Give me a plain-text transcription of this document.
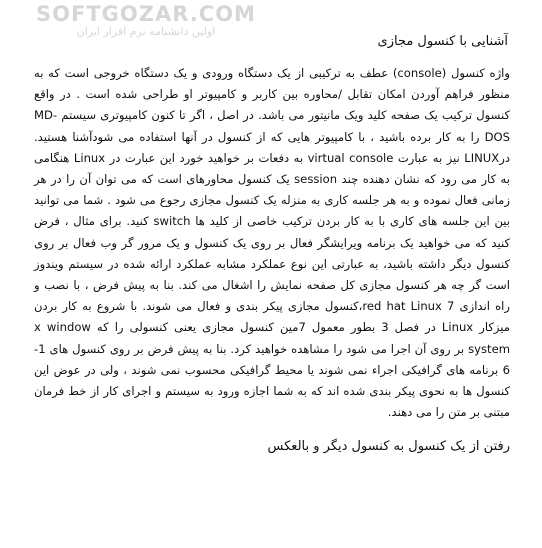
SOFTGOZAR.COM
اولین دانشنامه نرم افزار ایران
آشنایی با کنسول مجازی

واژه کنسول (console) عطف به ترکیبی از یک دستگاه ورودی و یک دستگاه خروجی است که به منظور فراهم آوردن امکان تقابل /محاوره بین کاربر و کامپیوتر او طراحی شده است . در واقع کنسول ترکیب یک صفحه کلید ویک مانیتور می باشد. در اصل ، اگر تا کنون کامپیوتری سیستم MD-DOS را به کار برده باشید ، با کامپیوتر هایی که از کنسول در آنها استفاده می شودآشنا هستید. درLINUX نیز به عبارت virtual console به دفعات بر خواهید خورد این عبارت در Linux هنگامی به کار می رود که نشان دهنده چند session یک کنسول محاورهای است که می توان آن را در هر زمانی فعال نموده و به هر جلسه کاری به منزله یک کنسول مجازی رجوع می شود . شما می توانید بین این جلسه های کاری با به کار بردن ترکیب خاصی از کلید ها switch کنید. برای مثال ، فرض کنید که می خواهید یک برنامه ویرایشگر فعال بر روی یک کنسول و یک مرور گر وب فعال بر روی کنسول دیگر داشته باشید، به عبارتی این نوع عملکرد مشابه عملکرد ارائه شده در سیستم ویندوز است گر چه هر کنسول مجازی کل صفحه نمایش را اشغال می کند. بنا به پیش فرض ، با نصب و راه اندازی red hat Linux 7،کنسول مجازی پیکر بندی و فعال می شوند. با شروع به کار بردن میزکار Linux در فصل 3 بطور معمول 7مین کنسول مجازی یعنی کنسولی را که x window system بر روی آن اجرا می شود را مشاهده خواهید کرد. بنا به پیش فرض بر روی کنسول های 1-6 برنامه های گرافیکی اجراء نمی شوند یا محیط گرافیکی محسوب نمی شوند ، ولی در عوض این کنسول ها به نحوی پیکر بندی شده اند که به شما اجازه ورود به سیستم و اجرای کار از خط فرمان مبتنی بر متن را می دهند.

رفتن از یک کنسول به کنسول دیگر و بالعکس
